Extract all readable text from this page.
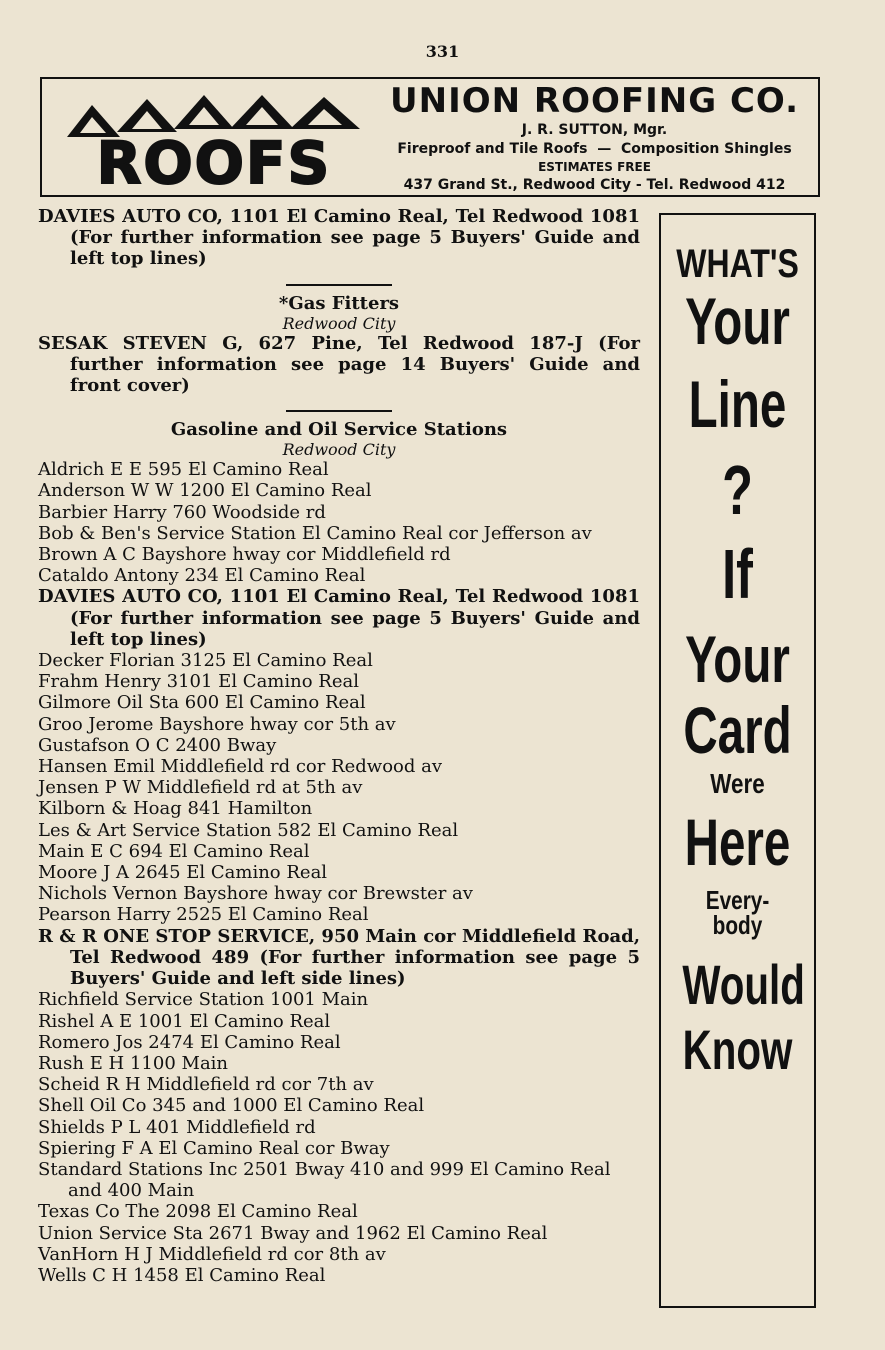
331
ROOFS
UNION ROOFING CO.
J. R. SUTTON, Mgr.
Fireproof and Tile Roofs — Composition Shingles
ESTIMATES FREE
437 Grand St., Redwood City - Tel. Redwood 412
DAVIES AUTO CO, 1101 El Camino Real, Tel Redwood 1081 (For further information see page 5 Buyers' Guide and left top lines)
*Gas Fitters
Redwood City
SESAK STEVEN G, 627 Pine, Tel Redwood 187-J (For further information see page 14 Buyers' Guide and front cover)
Gasoline and Oil Service Stations
Redwood City
Aldrich E E 595 El Camino Real
Anderson W W 1200 El Camino Real
Barbier Harry 760 Woodside rd
Bob & Ben's Service Station El Camino Real cor Jefferson av
Brown A C Bayshore hway cor Middlefield rd
Cataldo Antony 234 El Camino Real
DAVIES AUTO CO, 1101 El Camino Real, Tel Redwood 1081 (For further information see page 5 Buyers' Guide and left top lines)
Decker Florian 3125 El Camino Real
Frahm Henry 3101 El Camino Real
Gilmore Oil Sta 600 El Camino Real
Groo Jerome Bayshore hway cor 5th av
Gustafson O C 2400 Bway
Hansen Emil Middlefield rd cor Redwood av
Jensen P W Middlefield rd at 5th av
Kilborn & Hoag 841 Hamilton
Les & Art Service Station 582 El Camino Real
Main E C 694 El Camino Real
Moore J A 2645 El Camino Real
Nichols Vernon Bayshore hway cor Brewster av
Pearson Harry 2525 El Camino Real
R & R ONE STOP SERVICE, 950 Main cor Middlefield Road, Tel Redwood 489 (For further information see page 5 Buyers' Guide and left side lines)
Richfield Service Station 1001 Main
Rishel A E 1001 El Camino Real
Romero Jos 2474 El Camino Real
Rush E H 1100 Main
Scheid R H Middlefield rd cor 7th av
Shell Oil Co 345 and 1000 El Camino Real
Shields P L 401 Middlefield rd
Spiering F A El Camino Real cor Bway
Standard Stations Inc 2501 Bway 410 and 999 El Camino Real and 400 Main
Texas Co The 2098 El Camino Real
Union Service Sta 2671 Bway and 1962 El Camino Real
VanHorn H J Middlefield rd cor 8th av
Wells C H 1458 El Camino Real
WHAT'S
Your
Line
?
If
Your
Card
Were
Here
Every-
body
Would
Know
